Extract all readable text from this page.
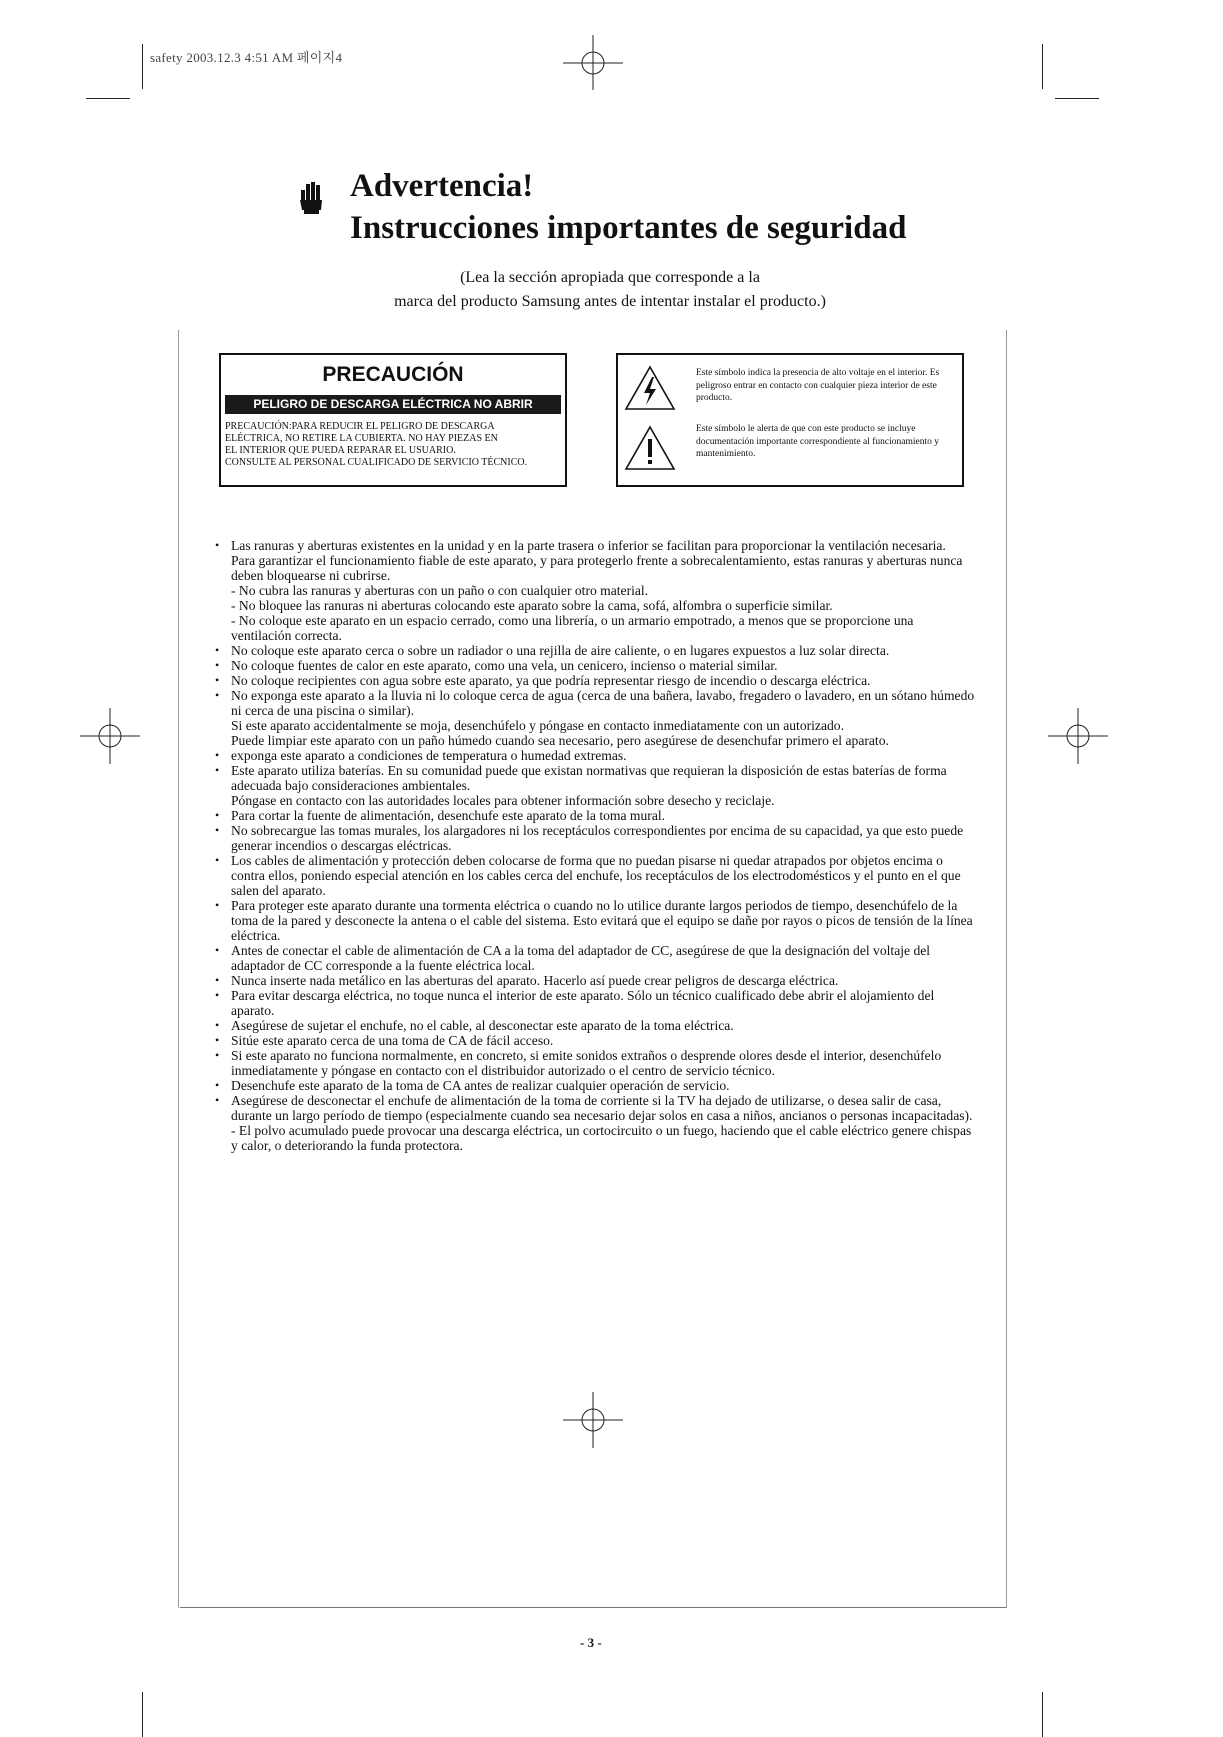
safety 2003.12.3 4:51 AM 페이지4
Advertencia!
Instrucciones importantes de seguridad
(Lea la sección apropiada que corresponde a la
marca del producto Samsung antes de intentar instalar el producto.)
PRECAUCIÓN
PELIGRO DE DESCARGA ELÉCTRICA NO ABRIR
PRECAUCIÓN:PARA REDUCIR EL PELIGRO DE DESCARGA
ELÉCTRICA, NO RETIRE LA CUBIERTA. NO HAY PIEZAS EN
EL INTERIOR QUE PUEDA REPARAR EL USUARIO.
CONSULTE AL PERSONAL CUALIFICADO DE SERVICIO TÉCNICO.
Este símbolo indica la presencia de alto voltaje en el interior. Es peligroso entrar en contacto con cualquier pieza interior de este producto.
Este símbolo le alerta de que con este producto se incluye documentación importante correspondiente al funcionamiento y mantenimiento.

• Las ranuras y aberturas existentes en la unidad y en la parte trasera o inferior se facilitan para proporcionar la ventilación necesaria.

Para garantizar el funcionamiento fiable de este aparato, y para protegerlo frente a sobrecalentamiento, estas ranuras y aberturas nunca deben bloquearse ni cubrirse.

- No cubra las ranuras y aberturas con un paño o con cualquier otro material.

- No bloquee las ranuras ni aberturas colocando este aparato sobre la cama, sofá, alfombra o superficie similar.

- No coloque este aparato en un espacio cerrado, como una librería, o un armario empotrado, a menos que se proporcione una ventilación correcta.

• No coloque este aparato cerca o sobre un radiador o una rejilla de aire caliente, o en lugares expuestos a luz solar directa.

• No coloque fuentes de calor en este aparato, como una vela, un cenicero, incienso o material similar.

• No coloque recipientes con agua sobre este aparato, ya que podría representar riesgo de incendio o descarga eléctrica.

• No exponga este aparato a la lluvia ni lo coloque cerca de agua (cerca de una bañera, lavabo, fregadero o lavadero, en un sótano húmedo ni cerca de una piscina o similar).

Si este aparato accidentalmente se moja, desenchúfelo y póngase en contacto inmediatamente con un autorizado.

Puede limpiar este aparato con un paño húmedo cuando sea necesario, pero asegúrese de desenchufar primero el aparato.

• exponga este aparato a condiciones de temperatura o humedad extremas.

• Este aparato utiliza baterías. En su comunidad puede que existan normativas que requieran la disposición de estas baterías de forma adecuada bajo consideraciones ambientales.

Póngase en contacto con las autoridades locales para obtener información sobre desecho y reciclaje.

• Para cortar la fuente de alimentación, desenchufe este aparato de la toma mural.

• No sobrecargue las tomas murales, los alargadores ni los receptáculos correspondientes por encima de su capacidad, ya que esto puede generar incendios o descargas eléctricas.

• Los cables de alimentación y protección deben colocarse de forma que no puedan pisarse ni quedar atrapados por objetos encima o contra ellos, poniendo especial atención en los cables cerca del enchufe, los receptáculos de los electrodomésticos y el punto en el que salen del aparato.

• Para proteger este aparato durante una tormenta eléctrica o cuando no lo utilice durante largos periodos de tiempo, desenchúfelo de la toma de la pared y desconecte la antena o el cable del sistema. Esto evitará que el equipo se dañe por rayos o picos de tensión de la línea eléctrica.

• Antes de conectar el cable de alimentación de CA a la toma del adaptador de CC, asegúrese de que la designación del voltaje del adaptador de CC corresponde a la fuente eléctrica local.

• Nunca inserte nada metálico en las aberturas del aparato. Hacerlo así puede crear peligros de descarga eléctrica.

• Para evitar descarga eléctrica, no toque nunca el interior de este aparato. Sólo un técnico cualificado debe abrir el alojamiento del aparato.

• Asegúrese de sujetar el enchufe, no el cable, al desconectar este aparato de la toma eléctrica.

• Sitúe este aparato cerca de una toma de CA de fácil acceso.

• Si este aparato no funciona normalmente, en concreto, si emite sonidos extraños o desprende olores desde el interior, desenchúfelo inmediatamente y póngase en contacto con el distribuidor autorizado o el centro de servicio técnico.

• Desenchufe este aparato de la toma de CA antes de realizar cualquier operación de servicio.

• Asegúrese de desconectar el enchufe de alimentación de la toma de corriente si la TV ha dejado de utilizarse, o desea salir de casa, durante un largo período de tiempo (especialmente cuando sea necesario dejar solos en casa a niños, ancianos o personas incapacitadas).

- El polvo acumulado puede provocar una descarga eléctrica, un cortocircuito o un fuego, haciendo que el cable eléctrico genere chispas y calor, o deteriorando la funda protectora.

- 3 -
